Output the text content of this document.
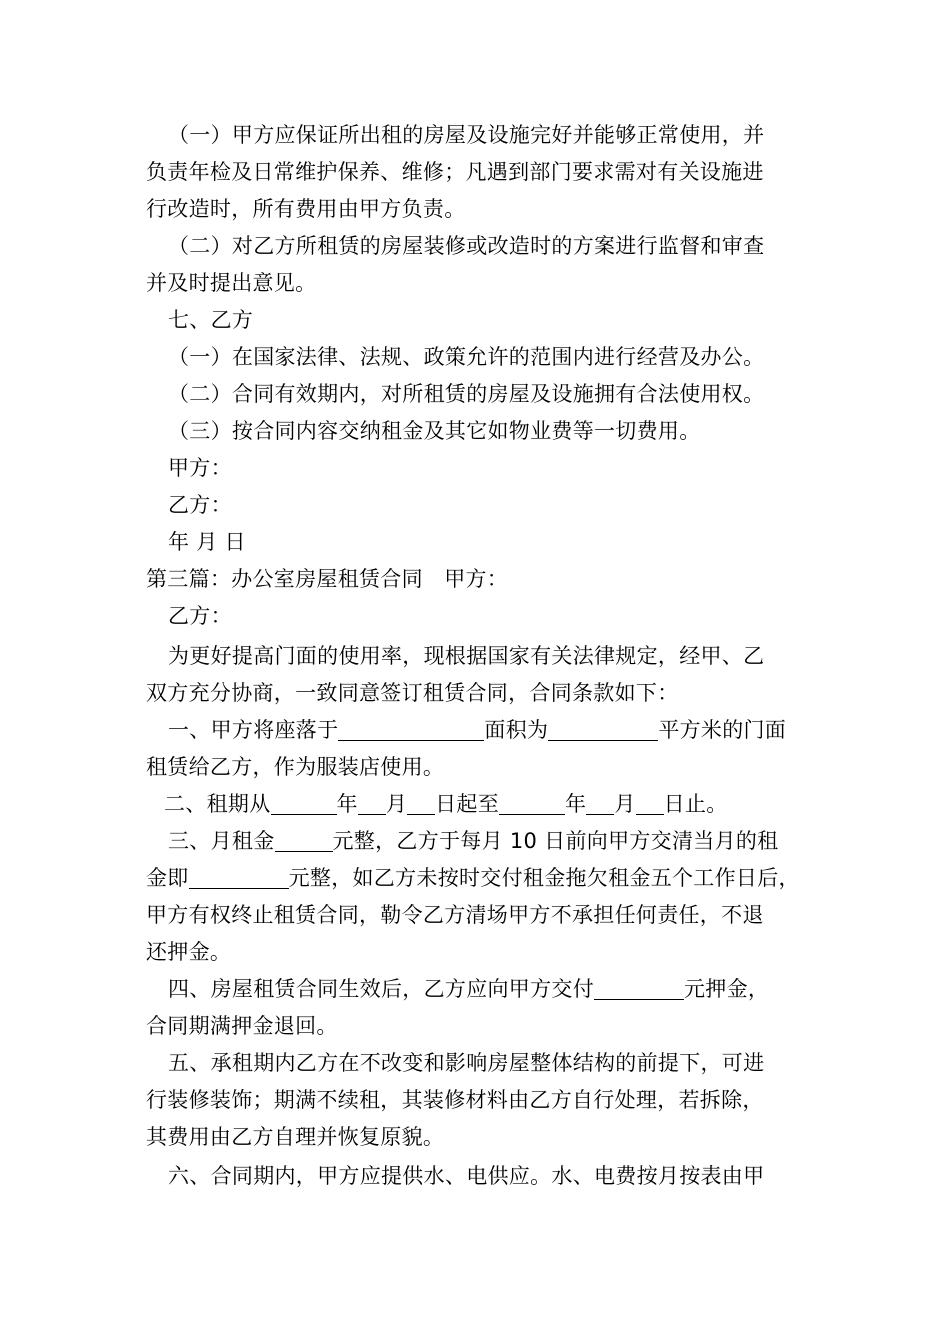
（一）甲方应保证所出租的房屋及设施完好并能够正常使用，并
负责年检及日常维护保养、维修；凡遇到部门要求需对有关设施进
行改造时，所有费用由甲方负责。
（二）对乙方所租赁的房屋装修或改造时的方案进行监督和审查
并及时提出意见。
七、乙方
（一）在国家法律、法规、政策允许的范围内进行经营及办公。
（二）合同有效期内，对所租赁的房屋及设施拥有合法使用权。
（三）按合同内容交纳租金及其它如物业费等一切费用。
甲方：
乙方：
年 月 日
第三篇：办公室房屋租赁合同　甲方：
乙方：
为更好提高门面的使用率，现根据国家有关法律规定，经甲、乙
双方充分协商，一致同意签订租赁合同，合同条款如下：
一、甲方将座落于	面积为	平方米的门面
租赁给乙方，作为服装店使用。
二、租期从	年 月 日起至	年 月 日止。
三、月租金	元整，乙方于每月 10 日前向甲方交清当月的租
金即	元整，如乙方未按时交付租金拖欠租金五个工作日后，
甲方有权终止租赁合同，勒令乙方清场甲方不承担任何责任，不退
还押金。
四、房屋租赁合同生效后，乙方应向甲方交付	元押金，
合同期满押金退回。
五、承租期内乙方在不改变和影响房屋整体结构的前提下，可进
行装修装饰；期满不续租，其装修材料由乙方自行处理，若拆除，
其费用由乙方自理并恢复原貌。
六、合同期内，甲方应提供水、电供应。水、电费按月按表由甲
